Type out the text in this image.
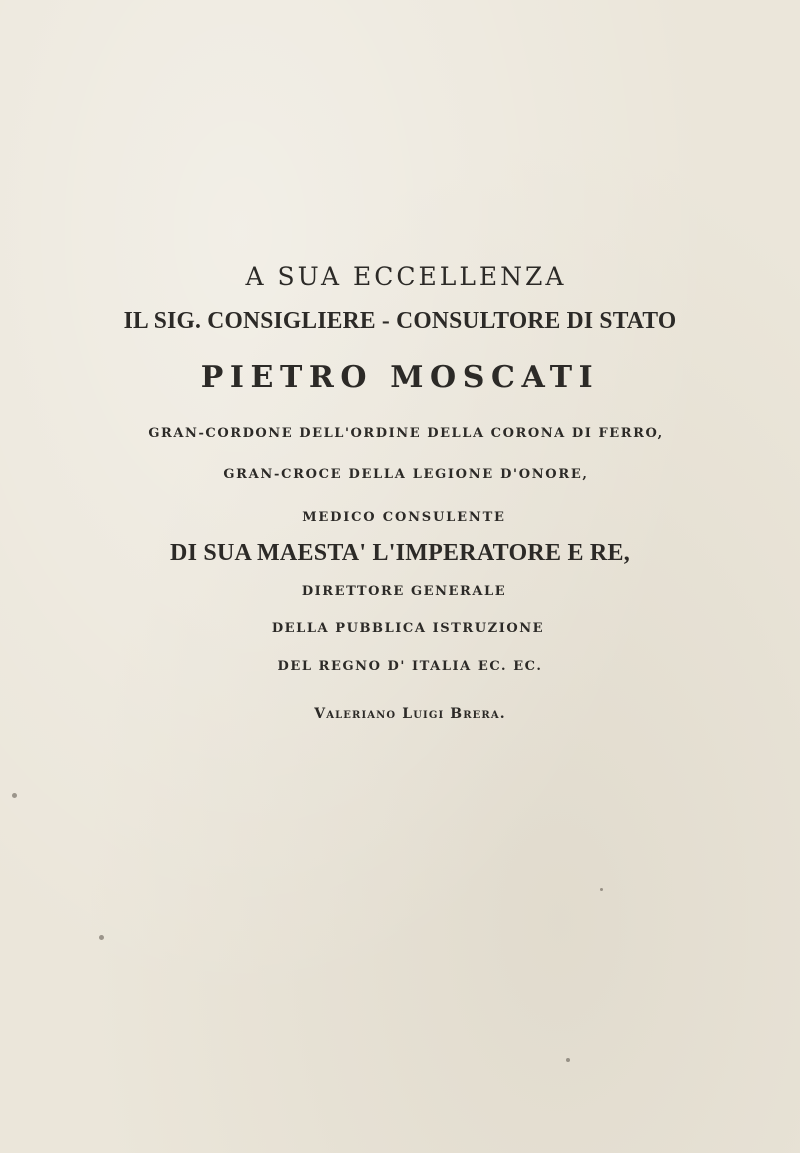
A SUA ECCELLENZA
IL SIG. CONSIGLIERE - CONSULTORE DI STATO
PIETRO MOSCATI
GRAN-CORDONE DELL'ORDINE DELLA CORONA DI FERRO,
GRAN-CROCE DELLA LEGIONE D'ONORE,
MEDICO CONSULENTE
DI SUA MAESTA' L'IMPERATORE E RE,
DIRETTORE GENERALE
DELLA PUBBLICA ISTRUZIONE
DEL REGNO D' ITALIA EC. EC.
Valeriano Luigi Brera.
